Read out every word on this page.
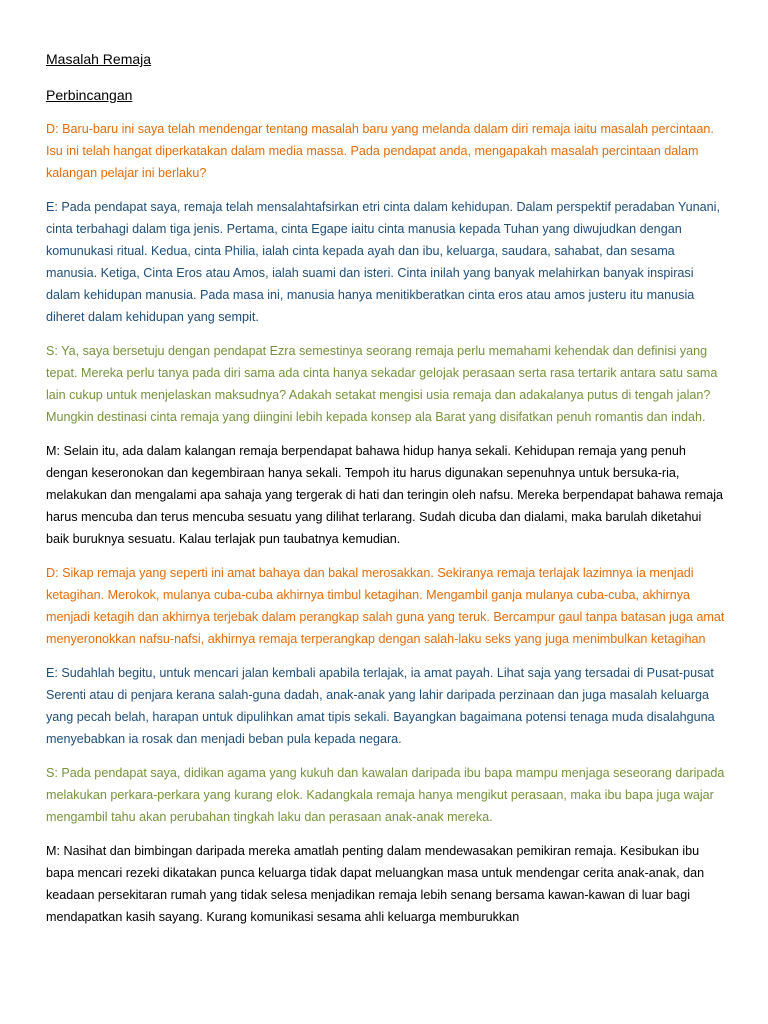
Masalah Remaja
Perbincangan

D: Baru-baru ini saya telah mendengar tentang masalah baru yang melanda dalam diri remaja iaitu masalah percintaan. Isu ini telah hangat diperkatakan dalam media massa. Pada pendapat anda, mengapakah masalah percintaan dalam kalangan pelajar ini berlaku?

E: Pada pendapat saya, remaja telah mensalahtafsirkan etri cinta dalam kehidupan. Dalam perspektif peradaban Yunani, cinta terbahagi dalam tiga jenis. Pertama, cinta Egape iaitu cinta manusia kepada Tuhan yang diwujudkan dengan komunukasi ritual. Kedua, cinta Philia, ialah cinta kepada ayah dan ibu, keluarga, saudara, sahabat, dan sesama manusia. Ketiga, Cinta Eros atau Amos, ialah suami dan isteri. Cinta inilah yang banyak melahirkan banyak inspirasi dalam kehidupan manusia. Pada masa ini, manusia hanya menitikberatkan cinta eros atau amos justeru itu manusia diheret dalam kehidupan yang sempit.

S: Ya, saya bersetuju dengan pendapat Ezra semestinya seorang remaja perlu memahami kehendak dan definisi yang tepat. Mereka perlu tanya pada diri sama ada cinta hanya sekadar gelojak perasaan serta rasa tertarik antara satu sama lain cukup untuk menjelaskan maksudnya? Adakah setakat mengisi usia remaja dan adakalanya putus di tengah jalan? Mungkin destinasi cinta remaja yang diingini lebih kepada konsep ala Barat yang disifatkan penuh romantis dan indah.

M: Selain itu, ada dalam kalangan remaja berpendapat bahawa hidup hanya sekali. Kehidupan remaja yang penuh dengan keseronokan dan kegembiraan hanya sekali. Tempoh itu harus digunakan sepenuhnya untuk bersuka-ria, melakukan dan mengalami apa sahaja yang tergerak di hati dan teringin oleh nafsu. Mereka berpendapat bahawa remaja harus mencuba dan terus mencuba sesuatu yang dilihat terlarang. Sudah dicuba dan dialami, maka barulah diketahui baik buruknya sesuatu. Kalau terlajak pun taubatnya kemudian.

D: Sikap remaja yang seperti ini amat bahaya dan bakal merosakkan. Sekiranya remaja terlajak lazimnya ia menjadi ketagihan. Merokok, mulanya cuba-cuba akhirnya timbul ketagihan. Mengambil ganja mulanya cuba-cuba, akhirnya menjadi ketagih dan akhirnya terjebak dalam perangkap salah guna yang teruk. Bercampur gaul tanpa batasan juga amat menyeronokkan nafsu-nafsi, akhirnya remaja terperangkap dengan salah-laku seks yang juga menimbulkan ketagihan

E: Sudahlah begitu, untuk mencari jalan kembali apabila terlajak, ia amat payah. Lihat saja yang tersadai di Pusat-pusat Serenti atau di penjara kerana salah-guna dadah, anak-anak yang lahir daripada perzinaan dan juga masalah keluarga yang pecah belah, harapan untuk dipulihkan amat tipis sekali. Bayangkan bagaimana potensi tenaga muda disalahguna menyebabkan ia rosak dan menjadi beban pula kepada negara.

S: Pada pendapat saya, didikan agama yang kukuh dan kawalan daripada ibu bapa mampu menjaga seseorang daripada melakukan perkara-perkara yang kurang elok. Kadangkala remaja hanya mengikut perasaan, maka ibu bapa juga wajar mengambil tahu akan perubahan tingkah laku dan perasaan anak-anak mereka.

M: Nasihat dan bimbingan daripada mereka amatlah penting dalam mendewasakan pemikiran remaja. Kesibukan ibu bapa mencari rezeki dikatakan punca keluarga tidak dapat meluangkan masa untuk mendengar cerita anak-anak, dan keadaan persekitaran rumah yang tidak selesa menjadikan remaja lebih senang bersama kawan-kawan di luar bagi mendapatkan kasih sayang. Kurang komunikasi sesama ahli keluarga memburukkan
